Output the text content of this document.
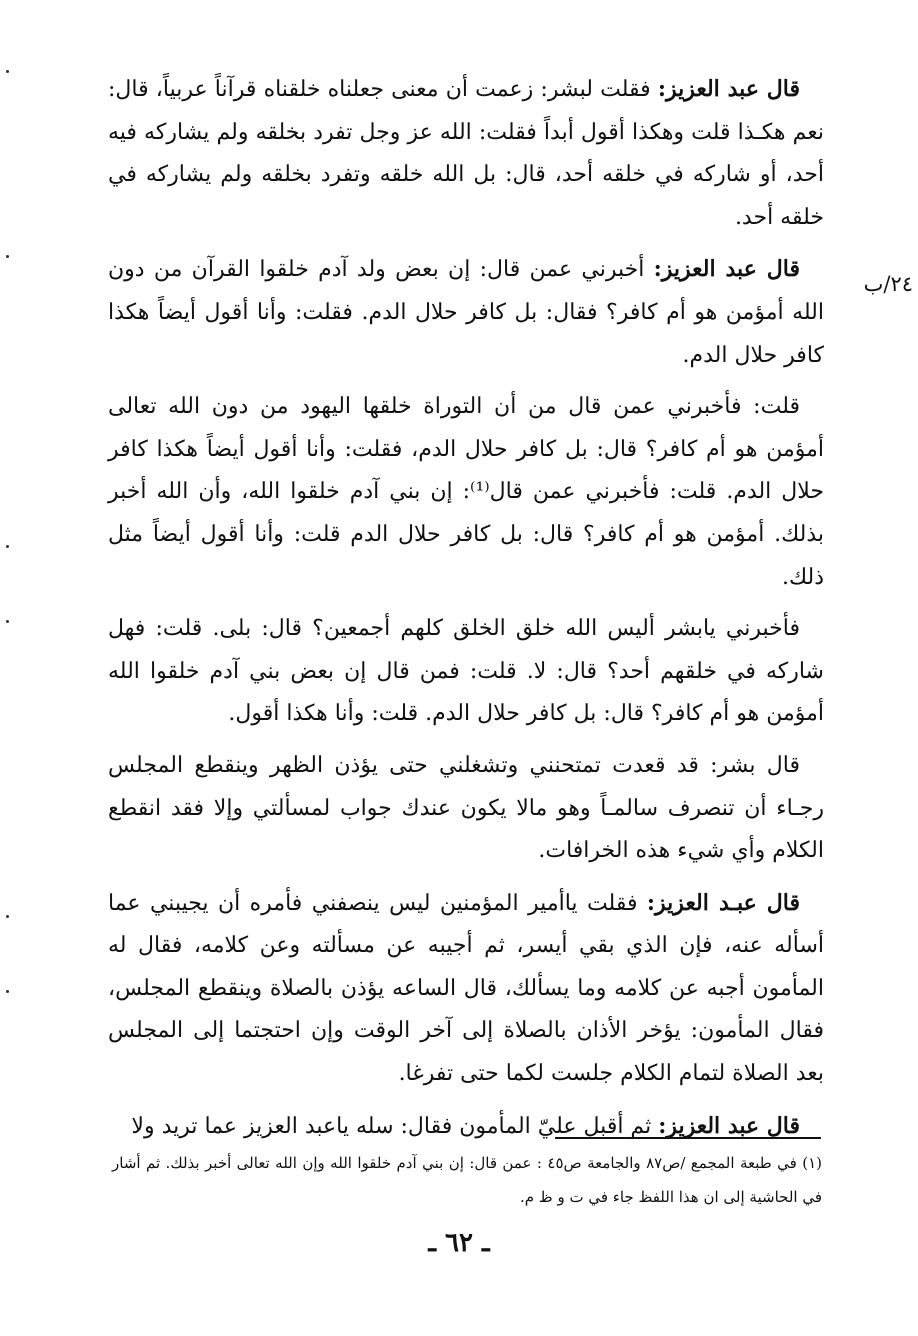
٢٤/ب

قال عبد العزيز: فقلت لبشر: زعمت أن معنى جعلناه خلقناه قرآناً عربياً، قال: نعم هكـذا قلت وهكذا أقول أبداً فقلت: الله عز وجل تفرد بخلقه ولم يشاركه فيه أحد، أو شاركه في خلقه أحد، قال: بل الله خلقه وتفرد بخلقه ولم يشاركه في خلقه أحد.

قال عبد العزيز: أخبرني عمن قال: إن بعض ولد آدم خلقوا القرآن من دون الله أمؤمن هو أم كافر؟ فقال: بل كافر حلال الدم. فقلت: وأنا أقول أيضاً هكذا كافر حلال الدم.

قلت: فأخبرني عمن قال من أن التوراة خلقها اليهود من دون الله تعالى أمؤمن هو أم كافر؟ قال: بل كافر حلال الدم، فقلت: وأنا أقول أيضاً هكذا كافر حلال الدم. قلت: فأخبرني عمن قال⁽¹⁾: إن بني آدم خلقوا الله، وأن الله أخبر بذلك. أمؤمن هو أم كافر؟ قال: بل كافر حلال الدم قلت: وأنا أقول أيضاً مثل ذلك.

فأخبرني يابشر أليس الله خلق الخلق كلهم أجمعين؟ قال: بلى. قلت: فهل شاركه في خلقهم أحد؟ قال: لا. قلت: فمن قال إن بعض بني آدم خلقوا الله أمؤمن هو أم كافر؟ قال: بل كافر حلال الدم. قلت: وأنا هكذا أقول.

قال بشر: قد قعدت تمتحنني وتشغلني حتى يؤذن الظهر وينقطع المجلس رجـاء أن تنصرف سالمـاً وهو مالا يكون عندك جواب لمسألتي وإلا فقد انقطع الكلام وأي شيء هذه الخرافات.

قال عبـد العزيز: فقلت ياأمير المؤمنين ليس ينصفني فأمره أن يجيبني عما أسأله عنه، فإن الذي بقي أيسر، ثم أجيبه عن مسألته وعن كلامه، فقال له المأمون أجبه عن كلامه وما يسألك، قال الساعه يؤذن بالصلاة وينقطع المجلس، فقال المأمون: يؤخر الأذان بالصلاة إلى آخر الوقت وإن احتجتما إلى المجلس بعد الصلاة لتمام الكلام جلست لكما حتى تفرغا.

قال عبد العزيز: ثم أقبل عليّ المأمون فقال: سله ياعبد العزيز عما تريد ولا

(١) في طبعة المجمع /ص٨٧ والجامعة ص٤٥ : عمن قال: إن بني آدم خلقوا الله وإن الله تعالى أخبر بذلك. ثم أشار في الحاشية إلى ان هذا اللفظ جاء في ت و ظ م.
ـ ٦٢ ـ
